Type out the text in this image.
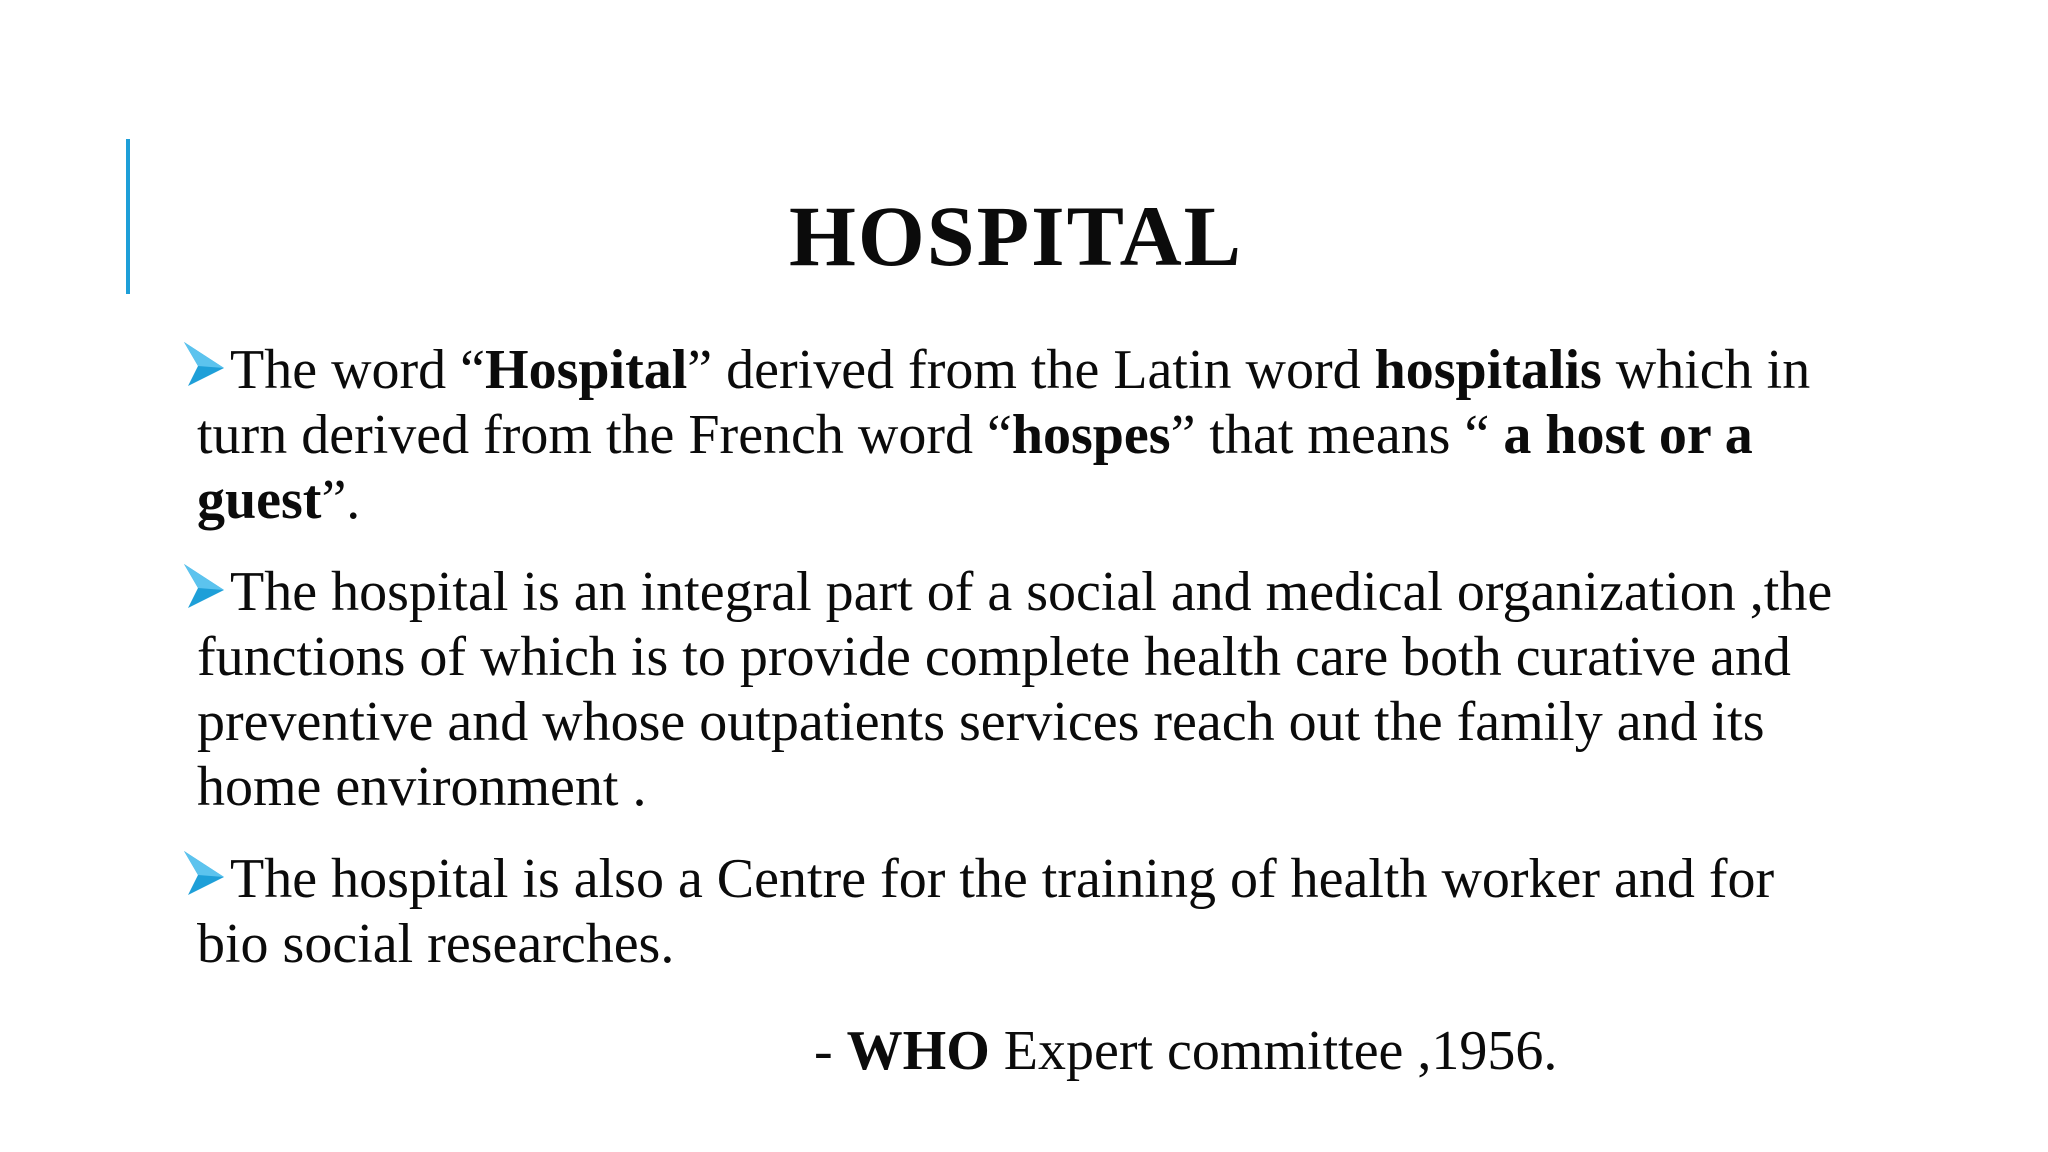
HOSPITAL
The word “Hospital” derived from the Latin word hospitalis which in turn derived from the French word “hospes” that means “ a host or a guest”.
The hospital is an integral part of a social and medical organization ,the functions of which is to provide complete health care both curative and preventive and whose outpatients services reach out the family and its home environment .
The hospital is also a Centre for the training of health worker and for bio social researches.
- WHO Expert committee ,1956.
